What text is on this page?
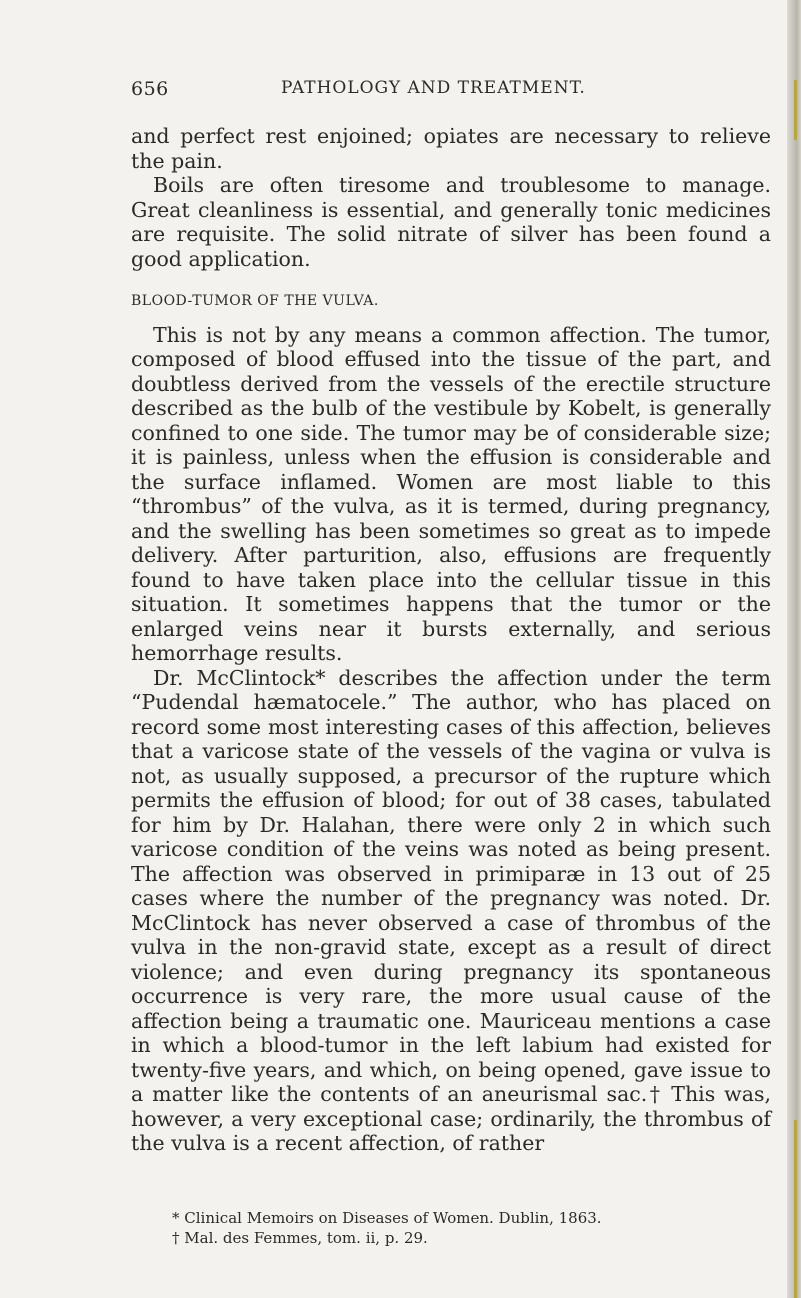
656	PATHOLOGY AND TREATMENT.

and perfect rest enjoined; opiates are necessary to relieve the pain.

Boils are often tiresome and troublesome to manage. Great cleanliness is essential, and generally tonic medicines are requisite. The solid nitrate of silver has been found a good application.

BLOOD-TUMOR OF THE VULVA.

This is not by any means a common affection. The tumor, composed of blood effused into the tissue of the part, and doubtless derived from the vessels of the erectile structure described as the bulb of the vestibule by Kobelt, is generally confined to one side. The tumor may be of considerable size; it is painless, unless when the effusion is considerable and the surface inflamed. Women are most liable to this “thrombus” of the vulva, as it is termed, during pregnancy, and the swelling has been sometimes so great as to impede delivery. After parturition, also, effusions are frequently found to have taken place into the cellular tissue in this situation. It sometimes happens that the tumor or the enlarged veins near it bursts externally, and serious hemorrhage results.

Dr. McClintock* describes the affection under the term “Pudendal hæmatocele.” The author, who has placed on record some most interesting cases of this affection, believes that a varicose state of the vessels of the vagina or vulva is not, as usually supposed, a precursor of the rupture which permits the effusion of blood; for out of 38 cases, tabulated for him by Dr. Halahan, there were only 2 in which such varicose condition of the veins was noted as being present. The affection was observed in primiparæ in 13 out of 25 cases where the number of the pregnancy was noted. Dr. McClintock has never observed a case of thrombus of the vulva in the non-gravid state, except as a result of direct violence; and even during pregnancy its spontaneous occurrence is very rare, the more usual cause of the affection being a traumatic one. Mauriceau mentions a case in which a blood-tumor in the left labium had existed for twenty-five years, and which, on being opened, gave issue to a matter like the contents of an aneurismal sac.† This was, however, a very exceptional case; ordinarily, the thrombus of the vulva is a recent affection, of rather

* Clinical Memoirs on Diseases of Women. Dublin, 1863.
† Mal. des Femmes, tom. ii, p. 29.
